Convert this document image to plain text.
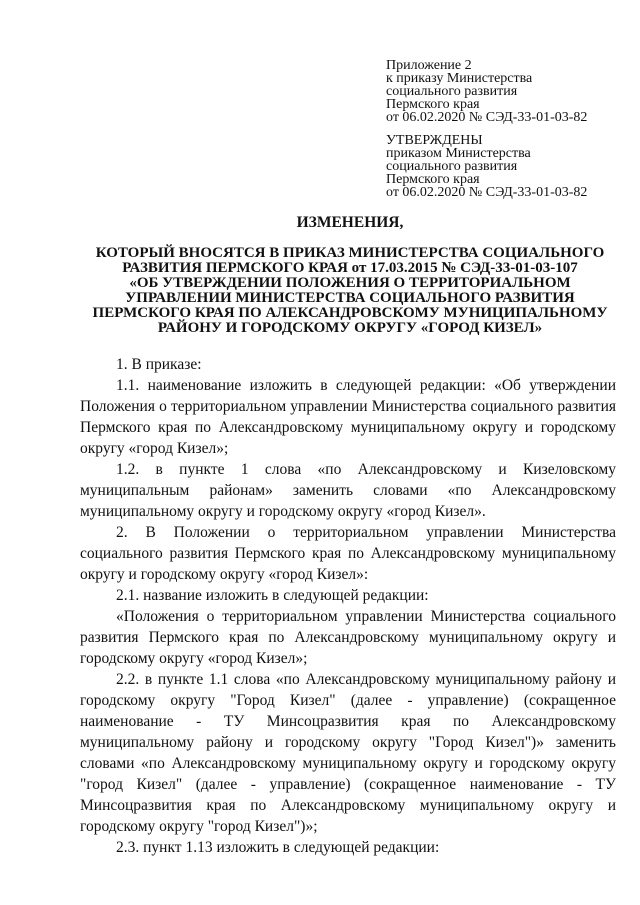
Приложение 2
к приказу Министерства
социального развития
Пермского края
от 06.02.2020 № СЭД-33-01-03-82
УТВЕРЖДЕНЫ
приказом Министерства
социального развития
Пермского края
от 06.02.2020 № СЭД-33-01-03-82
ИЗМЕНЕНИЯ,
КОТОРЫЙ ВНОСЯТСЯ В ПРИКАЗ МИНИСТЕРСТВА СОЦИАЛЬНОГО
РАЗВИТИЯ ПЕРМСКОГО КРАЯ от 17.03.2015 № СЭД-33-01-03-107
«ОБ УТВЕРЖДЕНИИ ПОЛОЖЕНИЯ О ТЕРРИТОРИАЛЬНОМ
УПРАВЛЕНИИ МИНИСТЕРСТВА СОЦИАЛЬНОГО РАЗВИТИЯ
ПЕРМСКОГО КРАЯ ПО АЛЕКСАНДРОВСКОМУ МУНИЦИПАЛЬНОМУ
РАЙОНУ И ГОРОДСКОМУ ОКРУГУ «ГОРОД КИЗЕЛ»

1. В приказе:

1.1. наименование изложить в следующей редакции: «Об утверждении Положения о территориальном управлении Министерства социального развития Пермского края по Александровскому муниципальному округу и городскому округу «город Кизел»;

1.2. в пункте 1 слова «по Александровскому и Кизеловскому муниципальным районам» заменить словами «по Александровскому муниципальному округу и городскому округу «город Кизел».

2. В Положении о территориальном управлении Министерства социального развития Пермского края по Александровскому муниципальному округу и городскому округу «город Кизел»:

2.1. название изложить в следующей редакции:

«Положения о территориальном управлении Министерства социального развития Пермского края по Александровскому муниципальному округу и городскому округу «город Кизел»;

2.2. в пункте 1.1 слова «по Александровскому муниципальному району и городскому округу "Город Кизел" (далее - управление) (сокращенное наименование - ТУ Минсоцразвития края по Александровскому муниципальному району и городскому округу "Город Кизел")» заменить словами «по Александровскому муниципальному округу и городскому округу "город Кизел" (далее - управление) (сокращенное наименование - ТУ Минсоцразвития края по Александровскому муниципальному округу и городскому округу "город Кизел")»;

2.3. пункт 1.13 изложить в следующей редакции:
